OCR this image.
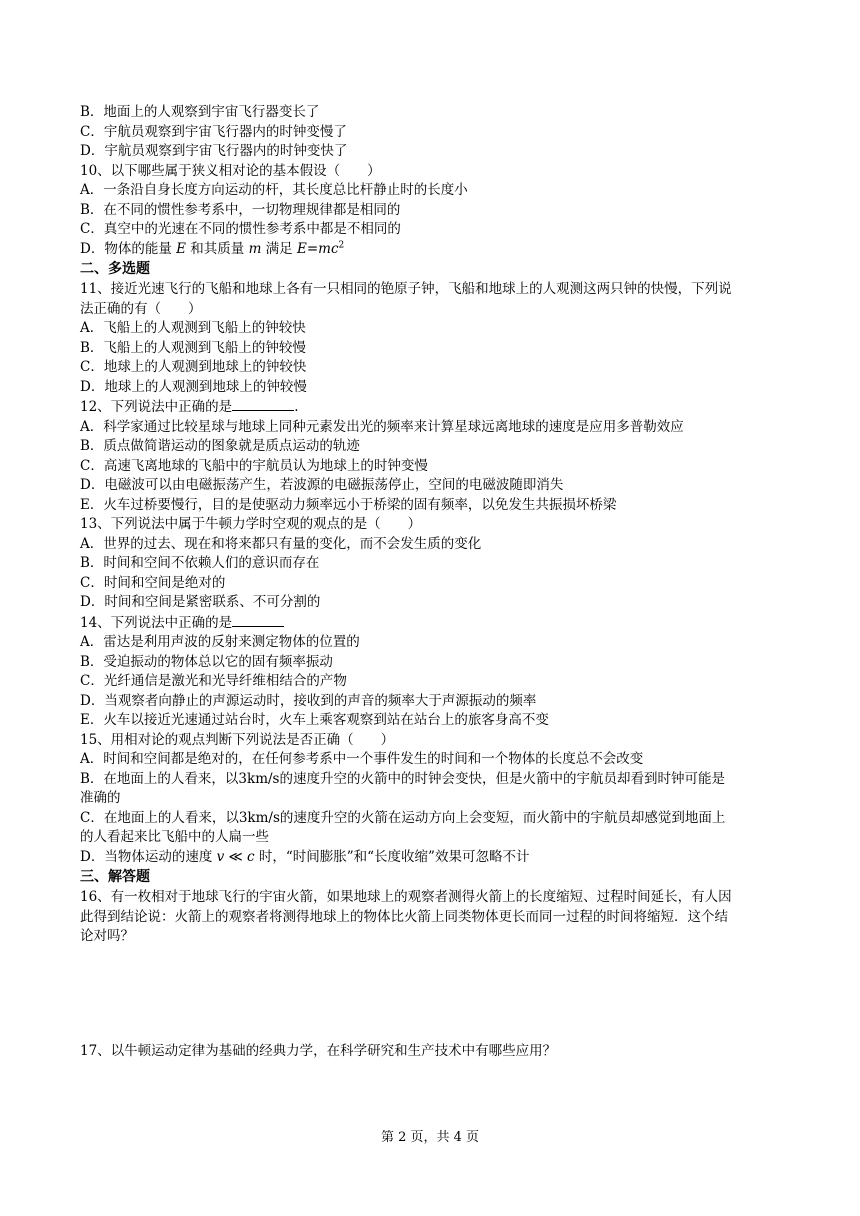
B．地面上的人观察到宇宙飞行器变长了
C．宇航员观察到宇宙飞行器内的时钟变慢了
D．宇航员观察到宇宙飞行器内的时钟变快了
10、以下哪些属于狭义相对论的基本假设（　　）
A．一条沿自身长度方向运动的杆，其长度总比杆静止时的长度小
B．在不同的惯性参考系中，一切物理规律都是相同的
C．真空中的光速在不同的惯性参考系中都是不相同的
D．物体的能量 E 和其质量 m 满足 $E=mc^2$
二、多选题
11、接近光速飞行的飞船和地球上各有一只相同的铯原子钟，飞船和地球上的人观测这两只钟的快慢，下列说
法正确的有（　　）
A．飞船上的人观测到飞船上的钟较快
B．飞船上的人观测到飞船上的钟较慢
C．地球上的人观测到地球上的钟较快
D．地球上的人观测到地球上的钟较慢
12、下列说法中正确的是	.
A．科学家通过比较星球与地球上同种元素发出光的频率来计算星球远离地球的速度是应用多普勒效应
B．质点做简谐运动的图象就是质点运动的轨迹
C．高速飞离地球的飞船中的宇航员认为地球上的时钟变慢
D．电磁波可以由电磁振荡产生，若波源的电磁振荡停止，空间的电磁波随即消失
E．火车过桥要慢行，目的是使驱动力频率远小于桥梁的固有频率，以免发生共振损坏桥梁
13、下列说法中属于牛顿力学时空观的观点的是（　　）
A．世界的过去、现在和将来都只有量的变化，而不会发生质的变化
B．时间和空间不依赖人们的意识而存在
C．时间和空间是绝对的
D．时间和空间是紧密联系、不可分割的
14、下列说法中正确的是
A．雷达是利用声波的反射来测定物体的位置的
B．受迫振动的物体总以它的固有频率振动
C．光纤通信是激光和光导纤维相结合的产物
D．当观察者向静止的声源运动时，接收到的声音的频率大于声源振动的频率
E．火车以接近光速通过站台时，火车上乘客观察到站在站台上的旅客身高不变
15、用相对论的观点判断下列说法是否正确（　　）
A．时间和空间都是绝对的，在任何参考系中一个事件发生的时间和一个物体的长度总不会改变
B．在地面上的人看来，以3km/s的速度升空的火箭中的时钟会变快，但是火箭中的宇航员却看到时钟可能是
准确的
C．在地面上的人看来，以3km/s的速度升空的火箭在运动方向上会变短，而火箭中的宇航员却感觉到地面上
的人看起来比飞船中的人扁一些
D．当物体运动的速度 v ≪ c 时，“时间膨胀”和“长度收缩”效果可忽略不计
三、解答题
16、有一枚相对于地球飞行的宇宙火箭，如果地球上的观察者测得火箭上的长度缩短、过程时间延长，有人因
此得到结论说：火箭上的观察者将测得地球上的物体比火箭上同类物体更长而同一过程的时间将缩短．这个结
论对吗？
17、以牛顿运动定律为基础的经典力学，在科学研究和生产技术中有哪些应用？
第 2 页，共 4 页
